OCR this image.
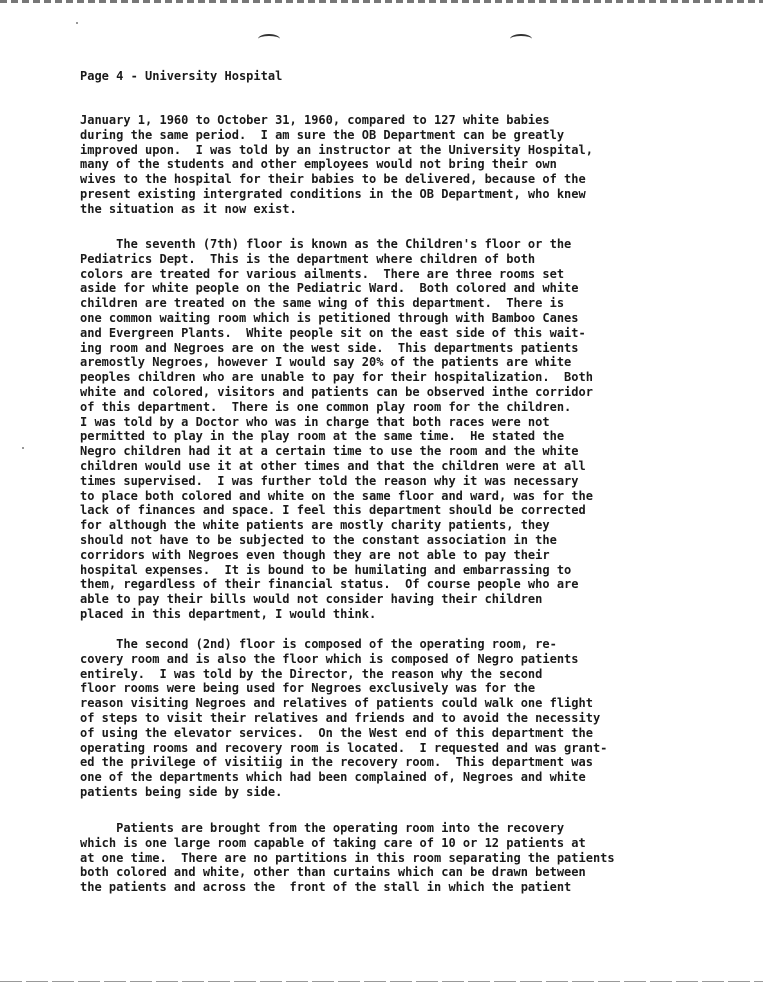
Page 4 - University Hospital

January 1, 1960 to October 31, 1960, compared to 127 white babies
during the same period.  I am sure the OB Department can be greatly
improved upon.  I was told by an instructor at the University Hospital,
many of the students and other employees would not bring their own
wives to the hospital for their babies to be delivered, because of the
present existing intergrated conditions in the OB Department, who knew
the situation as it now exist.

The seventh (7th) floor is known as the Children's floor or the
Pediatrics Dept.  This is the department where children of both
colors are treated for various ailments.  There are three rooms set
aside for white people on the Pediatric Ward.  Both colored and white
children are treated on the same wing of this department.  There is
one common waiting room which is petitioned through with Bamboo Canes
and Evergreen Plants.  White people sit on the east side of this wait-
ing room and Negroes are on the west side.  This departments patients
aremostly Negroes, however I would say 20% of the patients are white
peoples children who are unable to pay for their hospitalization.  Both
white and colored, visitors and patients can be observed inthe corridor
of this department.  There is one common play room for the children.
I was told by a Doctor who was in charge that both races were not
permitted to play in the play room at the same time.  He stated the
Negro children had it at a certain time to use the room and the white
children would use it at other times and that the children were at all
times supervised.  I was further told the reason why it was necessary
to place both colored and white on the same floor and ward, was for the
lack of finances and space. I feel this department should be corrected
for although the white patients are mostly charity patients, they
should not have to be subjected to the constant association in the
corridors with Negroes even though they are not able to pay their
hospital expenses.  It is bound to be humilating and embarrassing to
them, regardless of their financial status.  Of course people who are
able to pay their bills would not consider having their children
placed in this department, I would think.

The second (2nd) floor is composed of the operating room, re-
covery room and is also the floor which is composed of Negro patients
entirely.  I was told by the Director, the reason why the second
floor rooms were being used for Negroes exclusively was for the
reason visiting Negroes and relatives of patients could walk one flight
of steps to visit their relatives and friends and to avoid the necessity
of using the elevator services.  On the West end of this department the
operating rooms and recovery room is located.  I requested and was grant-
ed the privilege of visitiig in the recovery room.  This department was
one of the departments which had been complained of, Negroes and white
patients being side by side.

Patients are brought from the operating room into the recovery
which is one large room capable of taking care of 10 or 12 patients at
at one time.  There are no partitions in this room separating the patients
both colored and white, other than curtains which can be drawn between
the patients and across the  front of the stall in which the patient
